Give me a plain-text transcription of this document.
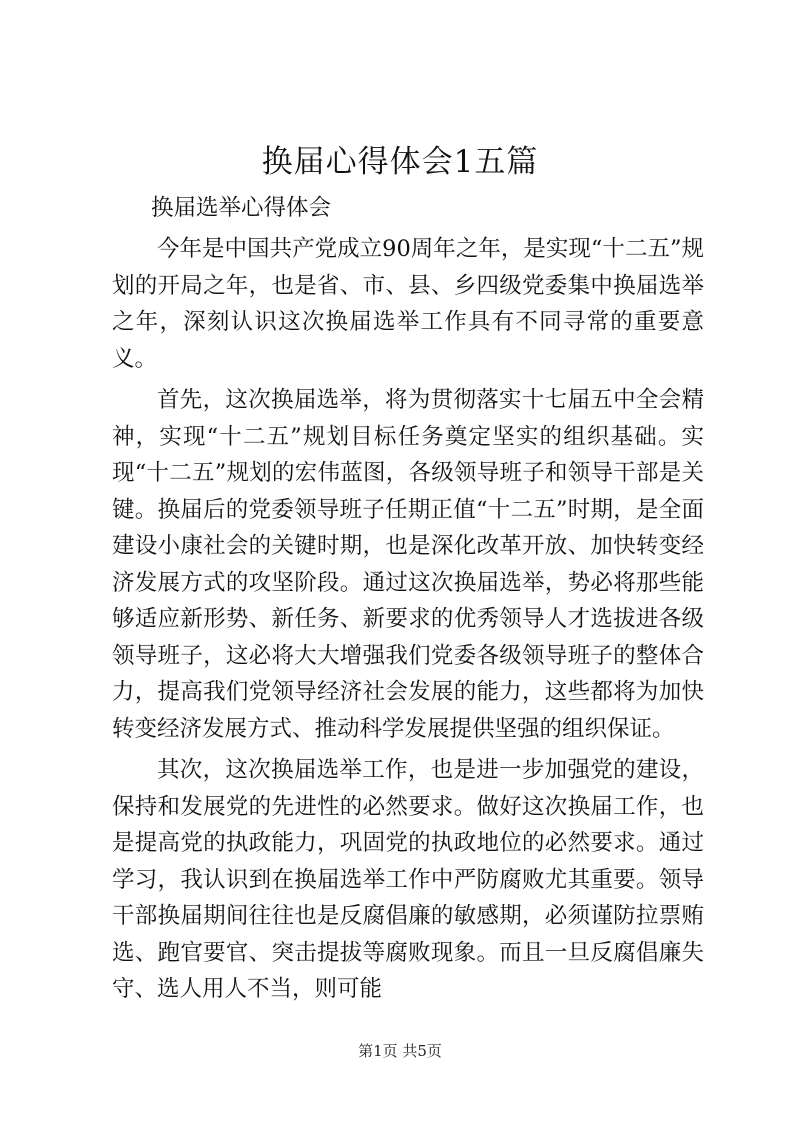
换届心得体会1五篇

换届选举心得体会

今年是中国共产党成立90周年之年，是实现“十二五”规划的开局之年，也是省、市、县、乡四级党委集中换届选举之年，深刻认识这次换届选举工作具有不同寻常的重要意义。

首先，这次换届选举，将为贯彻落实十七届五中全会精神，实现“十二五”规划目标任务奠定坚实的组织基础。实现“十二五”规划的宏伟蓝图，各级领导班子和领导干部是关键。换届后的党委领导班子任期正值“十二五”时期，是全面建设小康社会的关键时期，也是深化改革开放、加快转变经济发展方式的攻坚阶段。通过这次换届选举，势必将那些能够适应新形势、新任务、新要求的优秀领导人才选拔进各级领导班子，这必将大大增强我们党委各级领导班子的整体合力，提高我们党领导经济社会发展的能力，这些都将为加快转变经济发展方式、推动科学发展提供坚强的组织保证。

其次，这次换届选举工作，也是进一步加强党的建设，保持和发展党的先进性的必然要求。做好这次换届工作，也是提高党的执政能力，巩固党的执政地位的必然要求。通过学习，我认识到在换届选举工作中严防腐败尤其重要。领导干部换届期间往往也是反腐倡廉的敏感期，必须谨防拉票贿选、跑官要官、突击提拔等腐败现象。而且一旦反腐倡廉失守、选人用人不当，则可能

第1页 共5页
